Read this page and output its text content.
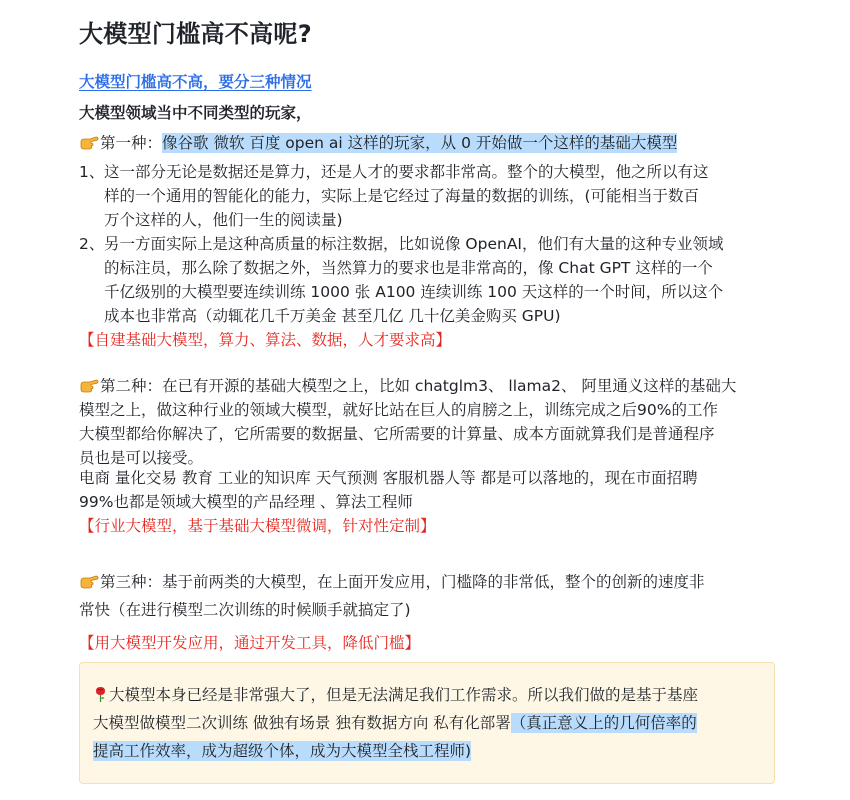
大模型门槛高不高呢?
大模型门槛高不高，要分三种情况
大模型领域当中不同类型的玩家，
第一种：像谷歌 微软 百度 open ai 这样的玩家，从 0 开始做一个这样的基础大模型
1、这一部分无论是数据还是算力，还是人才的要求都非常高。整个的大模型，他之所以有这
样的一个通用的智能化的能力，实际上是它经过了海量的数据的训练，(可能相当于数百
万个这样的人，他们一生的阅读量)
2、另一方面实际上是这种高质量的标注数据，比如说像 OpenAI，他们有大量的这种专业领域
的标注员，那么除了数据之外，当然算力的要求也是非常高的，像 Chat GPT 这样的一个
千亿级别的大模型要连续训练 1000 张 A100 连续训练 100 天这样的一个时间，所以这个
成本也非常高（动辄花几千万美金 甚至几亿 几十亿美金购买 GPU)
【自建基础大模型，算力、算法、数据，人才要求高】
第二种：在已有开源的基础大模型之上，比如 chatglm3、 llama2、 阿里通义这样的基础大
模型之上，做这种行业的领域大模型，就好比站在巨人的肩膀之上，训练完成之后90%的工作
大模型都给你解决了，它所需要的数据量、它所需要的计算量、成本方面就算我们是普通程序
员也是可以接受。
电商 量化交易 教育 工业的知识库 天气预测 客服机器人等 都是可以落地的，现在市面招聘
99%也都是领域大模型的产品经理 、算法工程师
【行业大模型，基于基础大模型微调，针对性定制】
第三种：基于前两类的大模型，在上面开发应用，门槛降的非常低，整个的创新的速度非
常快（在进行模型二次训练的时候顺手就搞定了)
【用大模型开发应用，通过开发工具，降低门槛】
大模型本身已经是非常强大了，但是无法满足我们工作需求。所以我们做的是基于基座
大模型做模型二次训练 做独有场景 独有数据方向 私有化部署（真正意义上的几何倍率的
提高工作效率，成为超级个体，成为大模型全栈工程师)
